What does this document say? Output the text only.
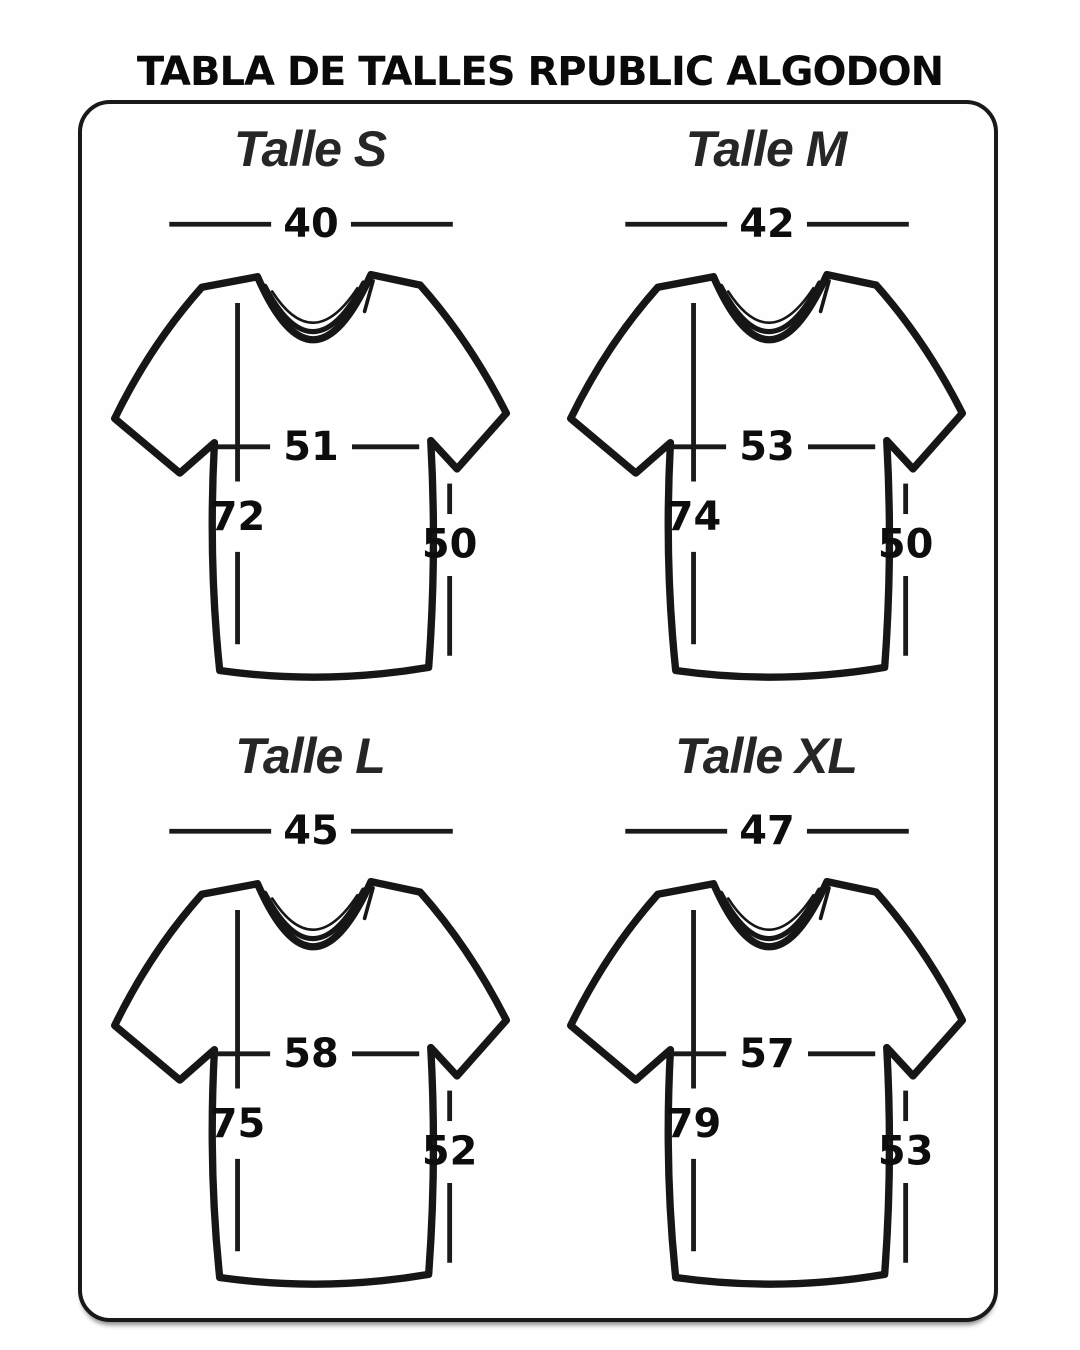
TABLA DE TALLES RPUBLIC ALGODON
Talle S
40
72
51
50
Talle M
42
74
53
50
Talle L
45
75
58
52
Talle XL
47
79
57
53
